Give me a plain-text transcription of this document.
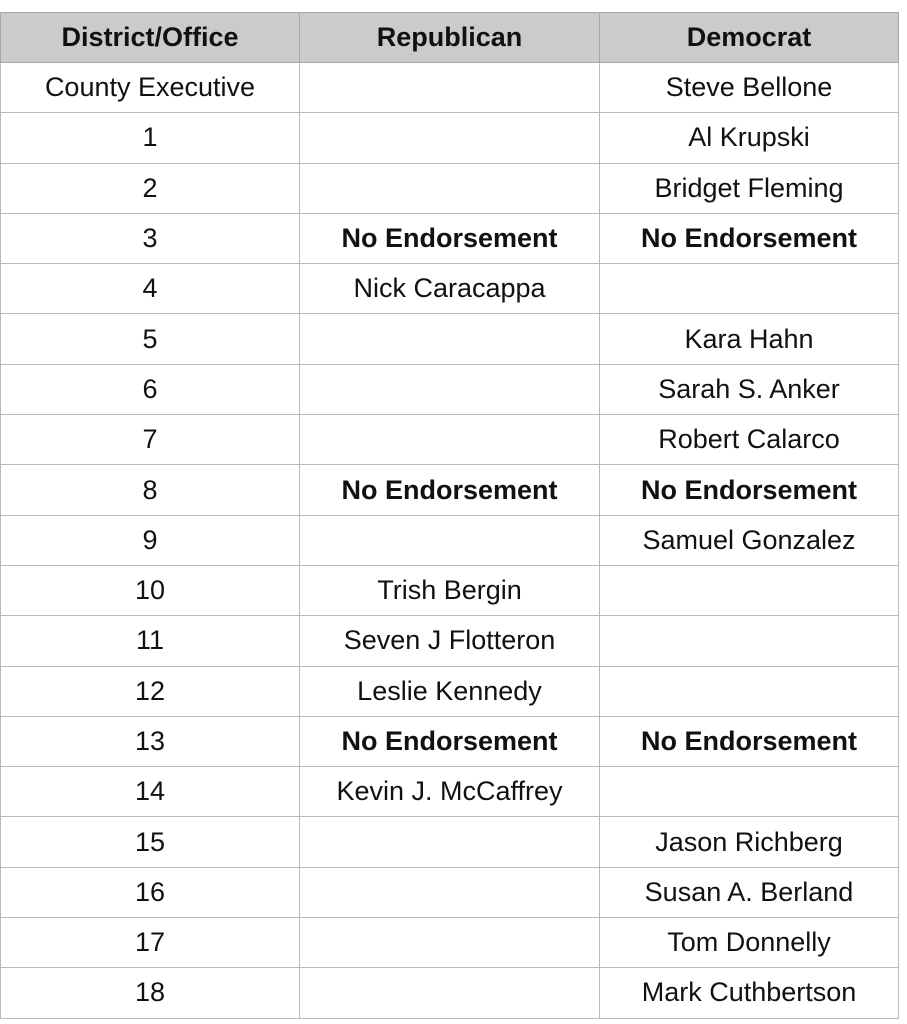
District/Office	Republican	Democrat
County Executive		Steve Bellone
1		Al Krupski
2		Bridget Fleming
3	No Endorsement	No Endorsement
4	Nick Caracappa	
5		Kara Hahn
6		Sarah S. Anker
7		Robert Calarco
8	No Endorsement	No Endorsement
9		Samuel Gonzalez
10	Trish Bergin	
11	Seven J Flotteron	
12	Leslie Kennedy	
13	No Endorsement	No Endorsement
14	Kevin J. McCaffrey	
15		Jason Richberg
16		Susan A. Berland
17		Tom Donnelly
18		Mark Cuthbertson
